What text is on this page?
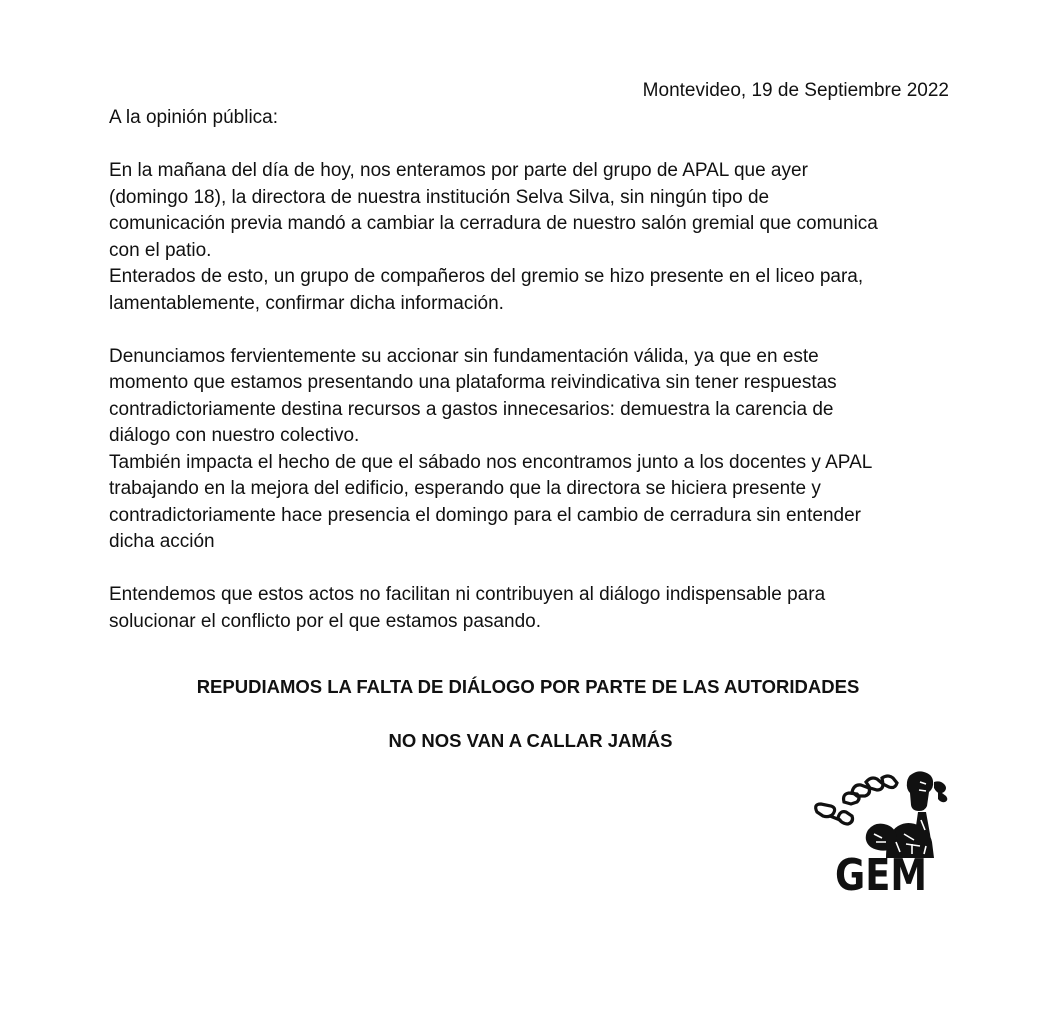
Montevideo, 19 de Septiembre 2022

A la opinión pública:

En la mañana del día de hoy, nos enteramos por parte del grupo de APAL que ayer

(domingo 18), la directora de nuestra institución Selva Silva, sin ningún tipo de

comunicación previa mandó a cambiar la cerradura de nuestro salón gremial que comunica

con el patio.

Enterados de esto, un grupo de compañeros del gremio se hizo presente en el liceo para,

lamentablemente, confirmar dicha información.

Denunciamos fervientemente su accionar sin fundamentación válida, ya que en este

momento que estamos presentando una plataforma reivindicativa sin tener respuestas

contradictoriamente destina recursos a gastos innecesarios: demuestra la carencia de

diálogo con nuestro colectivo.

También impacta el hecho de que el sábado nos encontramos junto a los docentes y APAL

trabajando en la mejora del edificio, esperando que la directora se hiciera presente y

contradictoriamente hace presencia el domingo para el cambio de cerradura sin entender

dicha acción

Entendemos que estos actos no facilitan ni contribuyen al diálogo indispensable para

solucionar el conflicto por el que estamos pasando.

REPUDIAMOS LA FALTA DE DIÁLOGO POR PARTE DE LAS AUTORIDADES
NO NOS VAN A CALLAR JAMÁS
GEM
